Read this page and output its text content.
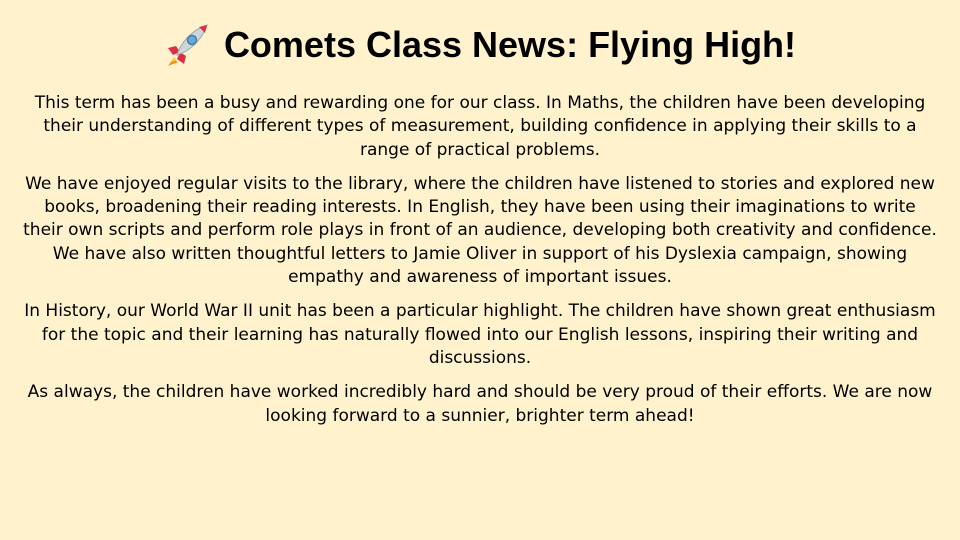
Comets Class News: Flying High!

This term has been a busy and rewarding one for our class. In Maths, the children have been developing their understanding of different types of measurement, building confidence in applying their skills to a range of practical problems.

We have enjoyed regular visits to the library, where the children have listened to stories and explored new books, broadening their reading interests. In English, they have been using their imaginations to write their own scripts and perform role plays in front of an audience, developing both creativity and confidence. We have also written thoughtful letters to Jamie Oliver in support of his Dyslexia campaign, showing empathy and awareness of important issues.

In History, our World War II unit has been a particular highlight. The children have shown great enthusiasm for the topic and their learning has naturally flowed into our English lessons, inspiring their writing and discussions.

As always, the children have worked incredibly hard and should be very proud of their efforts. We are now looking forward to a sunnier, brighter term ahead!
